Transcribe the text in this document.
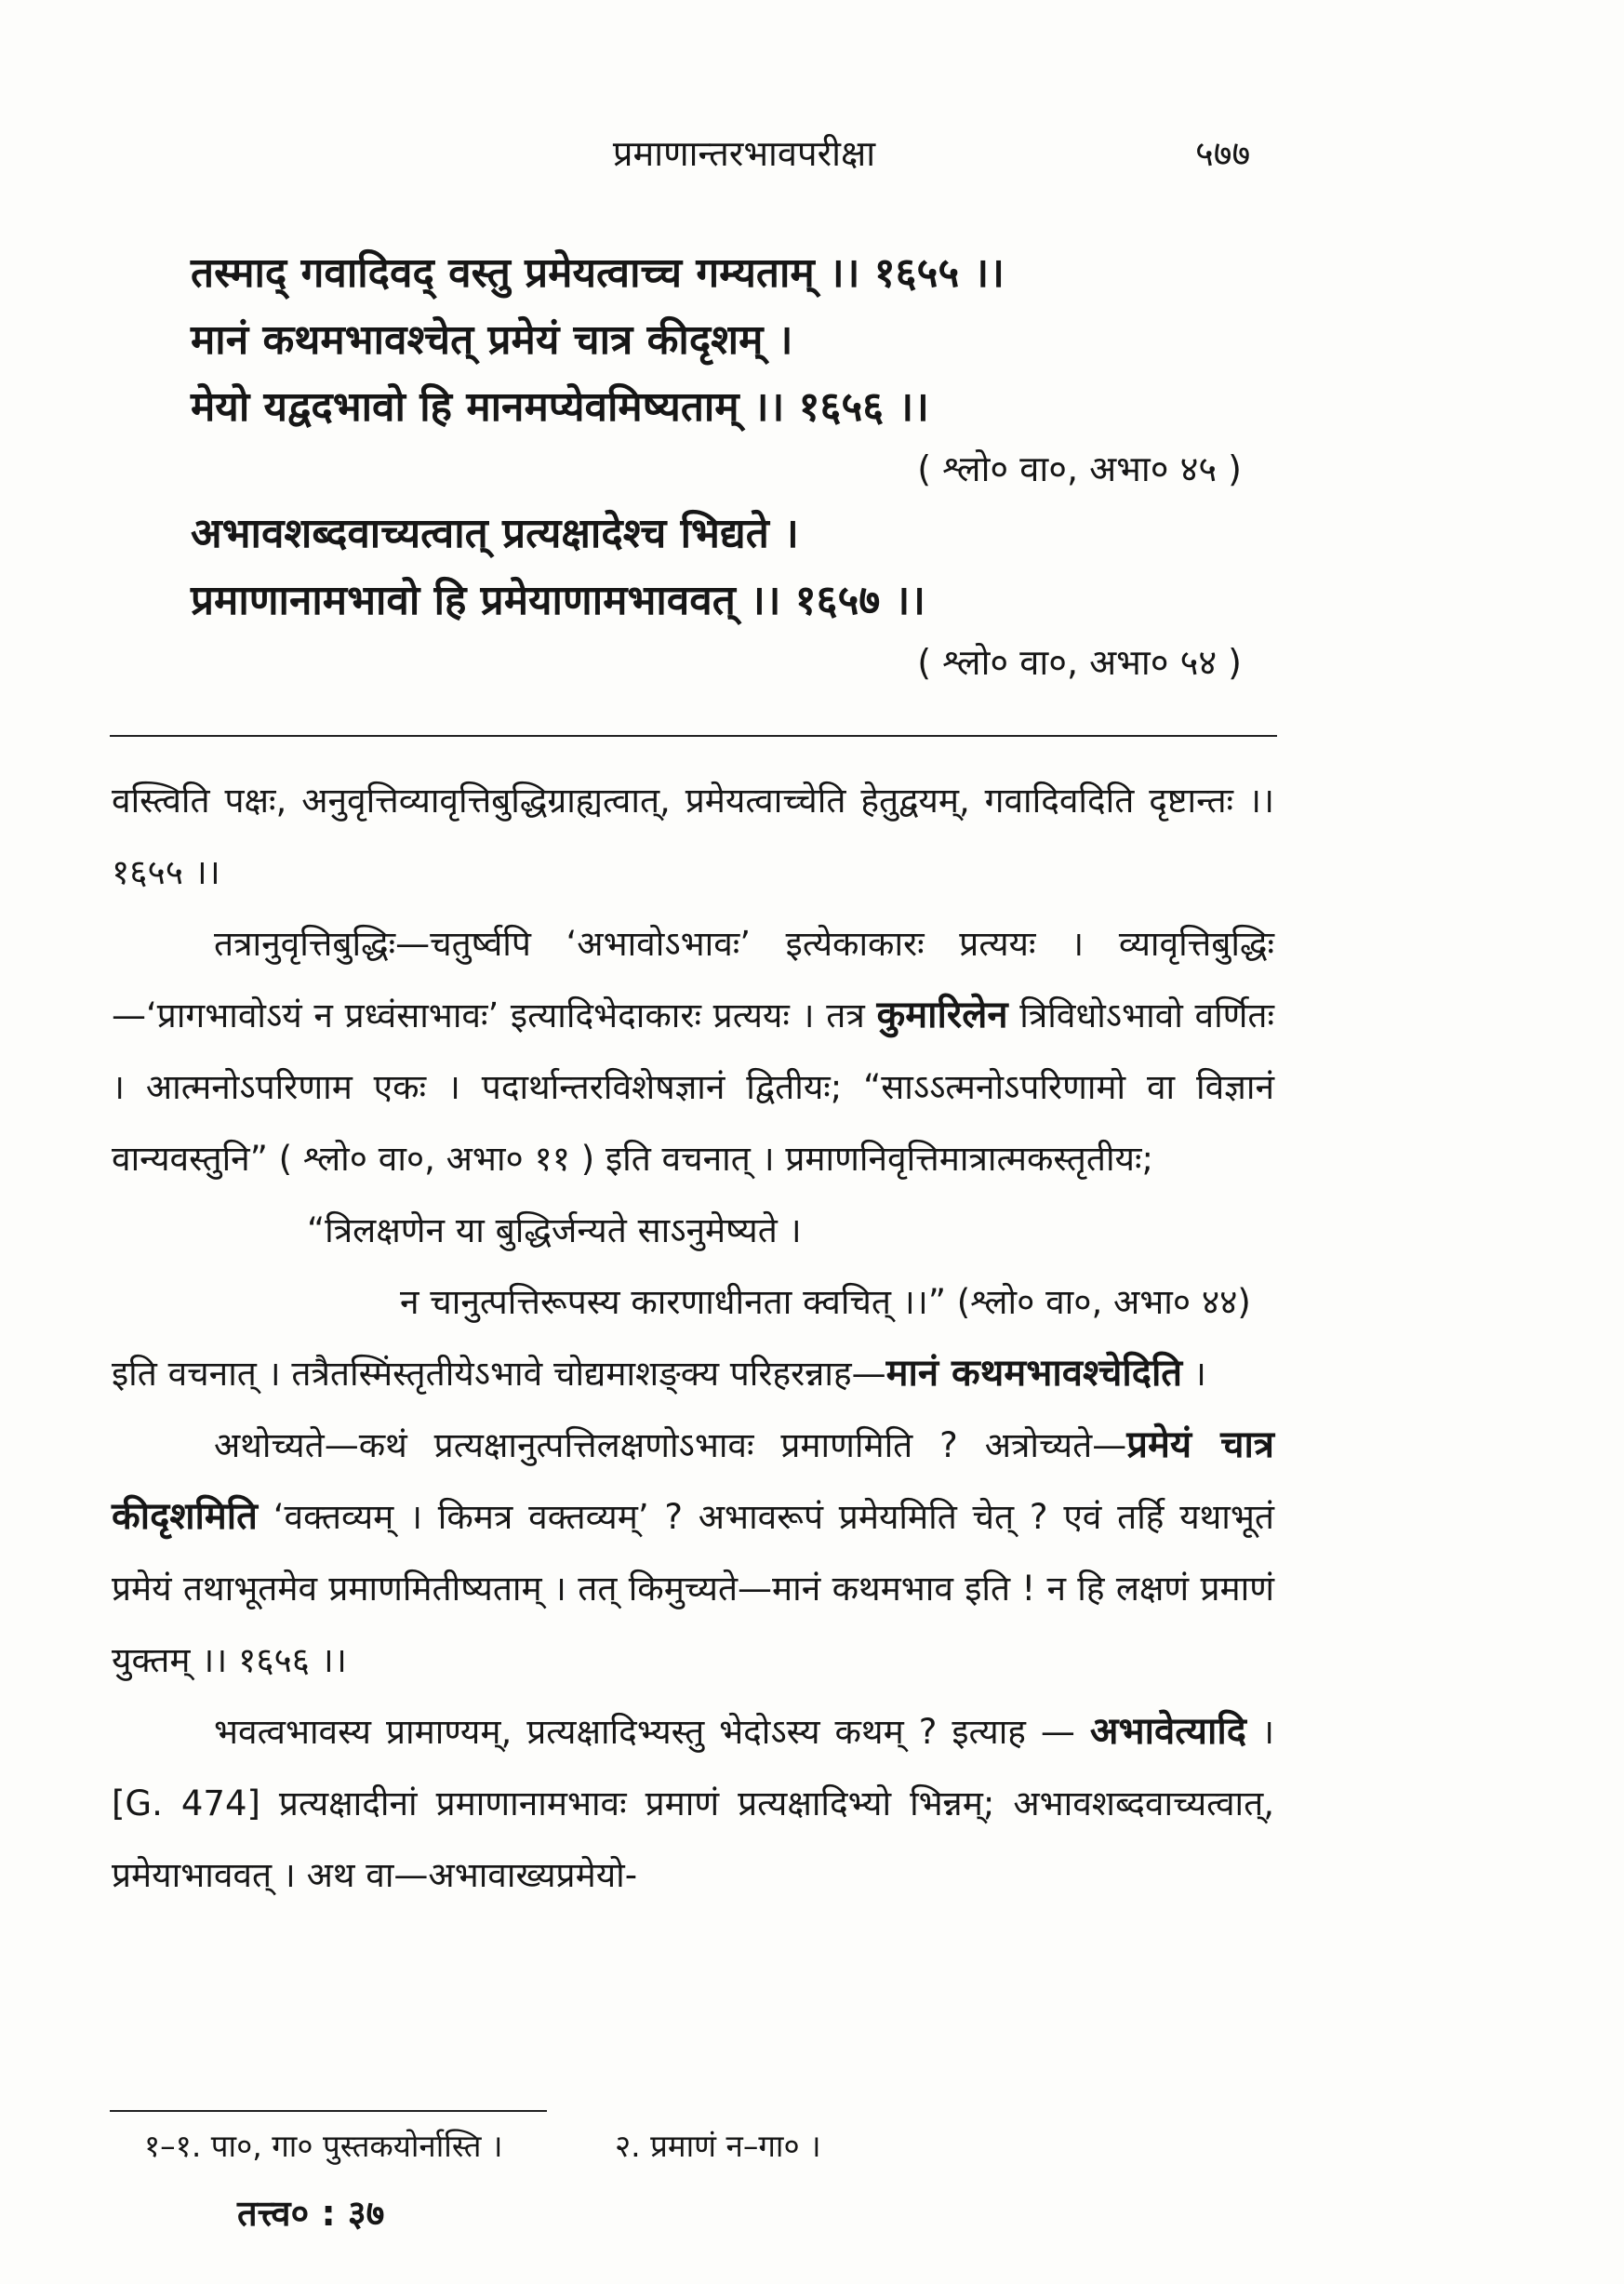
प्रमाणान्तरभावपरीक्षा	५७७
तस्माद् गवादिवद् वस्तु प्रमेयत्वाच्च गम्यताम् ।। १६५५ ।।
मानं कथमभावश्चेत् प्रमेयं चात्र कीदृशम् ।
मेयो यद्वदभावो हि मानमप्येवमिष्यताम् ।। १६५६ ।।
( श्लो० वा०, अभा० ४५ )
अभावशब्दवाच्यत्वात् प्रत्यक्षादेश्च भिद्यते ।
प्रमाणानामभावो हि प्रमेयाणामभाववत् ।। १६५७ ।।
( श्लो० वा०, अभा० ५४ )

वस्त्विति पक्षः, अनुवृत्तिव्यावृत्तिबुद्धिग्राह्यत्वात्, प्रमेयत्वाच्चेति हेतुद्वयम्, गवादिवदिति दृष्टान्तः ।। १६५५ ।।

तत्रानुवृत्तिबुद्धिः—चतुर्ष्वपि ‘अभावोऽभावः’ इत्येकाकारः प्रत्ययः । व्यावृत्तिबुद्धिः—‘प्रागभावोऽयं न प्रध्वंसाभावः’ इत्यादिभेदाकारः प्रत्ययः । तत्र कुमारिलेन त्रिविधोऽभावो वर्णितः । आत्मनोऽपरिणाम एकः । पदार्थान्तरविशेषज्ञानं द्वितीयः; “साऽऽत्मनोऽपरिणामो वा विज्ञानं वान्यवस्तुनि” ( श्लो० वा०, अभा० ११ ) इति वचनात् । प्रमाणनिवृत्तिमात्रात्मकस्तृतीयः;

“त्रिलक्षणेन या बुद्धिर्जन्यते साऽनुमेष्यते ।
न चानुत्पत्तिरूपस्य कारणाधीनता क्वचित् ।।” (श्लो० वा०, अभा० ४४)

इति वचनात् । तत्रैतस्मिंस्तृतीयेऽभावे चोद्यमाशङ्क्य परिहरन्नाह—मानं कथमभावश्चेदिति ।

अथोच्यते—कथं प्रत्यक्षानुत्पत्तिलक्षणोऽभावः प्रमाणमिति ? अत्रोच्यते—प्रमेयं चात्र कीदृशमिति ‘वक्तव्यम् । किमत्र वक्तव्यम्’ ? अभावरूपं प्रमेयमिति चेत् ? एवं तर्हि यथाभूतं प्रमेयं तथाभूतमेव प्रमाणमितीष्यताम् । तत् किमुच्यते—मानं कथमभाव इति ! न हि लक्षणं प्रमाणं युक्तम् ।। १६५६ ।।

भवत्वभावस्य प्रामाण्यम्, प्रत्यक्षादिभ्यस्तु भेदोऽस्य कथम् ? इत्याह — अभावेत्यादि । [G. 474] प्रत्यक्षादीनां प्रमाणानामभावः प्रमाणं प्रत्यक्षादिभ्यो भिन्नम्; अभावशब्दवाच्यत्वात्, प्रमेयाभाववत् । अथ वा—अभावाख्यप्रमेयो-

१–१. पा०, गा० पुस्तकयोर्नास्ति ।	२. प्रमाणं न–गा० ।
तत्त्व० : ३७
